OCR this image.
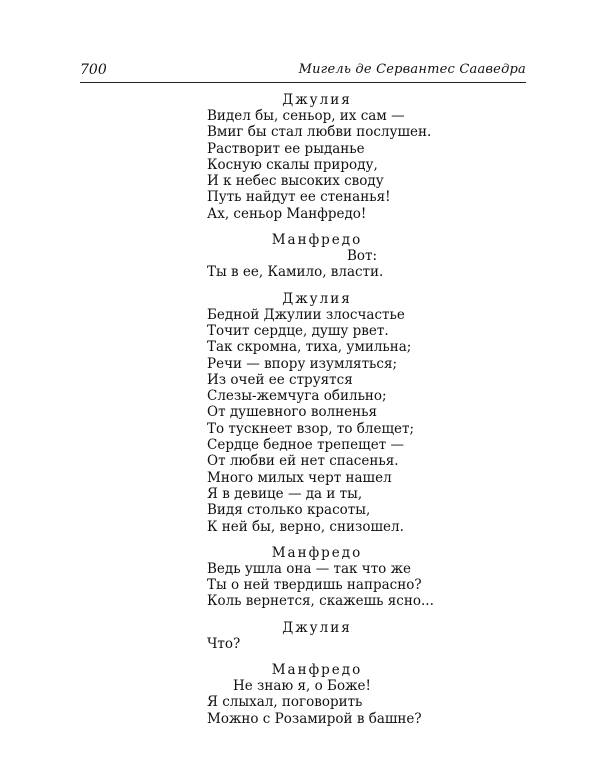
700	Мигель де Сервантес Сааведра
Джулия
Видел бы, сеньор, их сам —
Вмиг бы стал любви послушен.
Растворит ее рыданье
Косную скалы природу,
И к небес высоких своду
Путь найдут ее стенанья!
Ах, сеньор Манфредо!
Манфредо
Вот:
Ты в ее, Камило, власти.
Джулия
Бедной Джулии злосчастье
Точит сердце, душу рвет.
Так скромна, тиха, умильна;
Речи — впору изумляться;
Из очей ее струятся
Слезы-жемчуга обильно;
От душевного волненья
То тускнеет взор, то блещет;
Сердце бедное трепещет —
От любви ей нет спасенья.
Много милых черт нашел
Я в девице — да и ты,
Видя столько красоты,
К ней бы, верно, снизошел.
Манфредо
Ведь ушла она — так что же
Ты о ней твердишь напрасно?
Коль вернется, скажешь ясно...
Джулия
Что?
Манфредо
Не знаю я, о Боже!
Я слыхал, поговорить
Можно с Розамирой в башне?
